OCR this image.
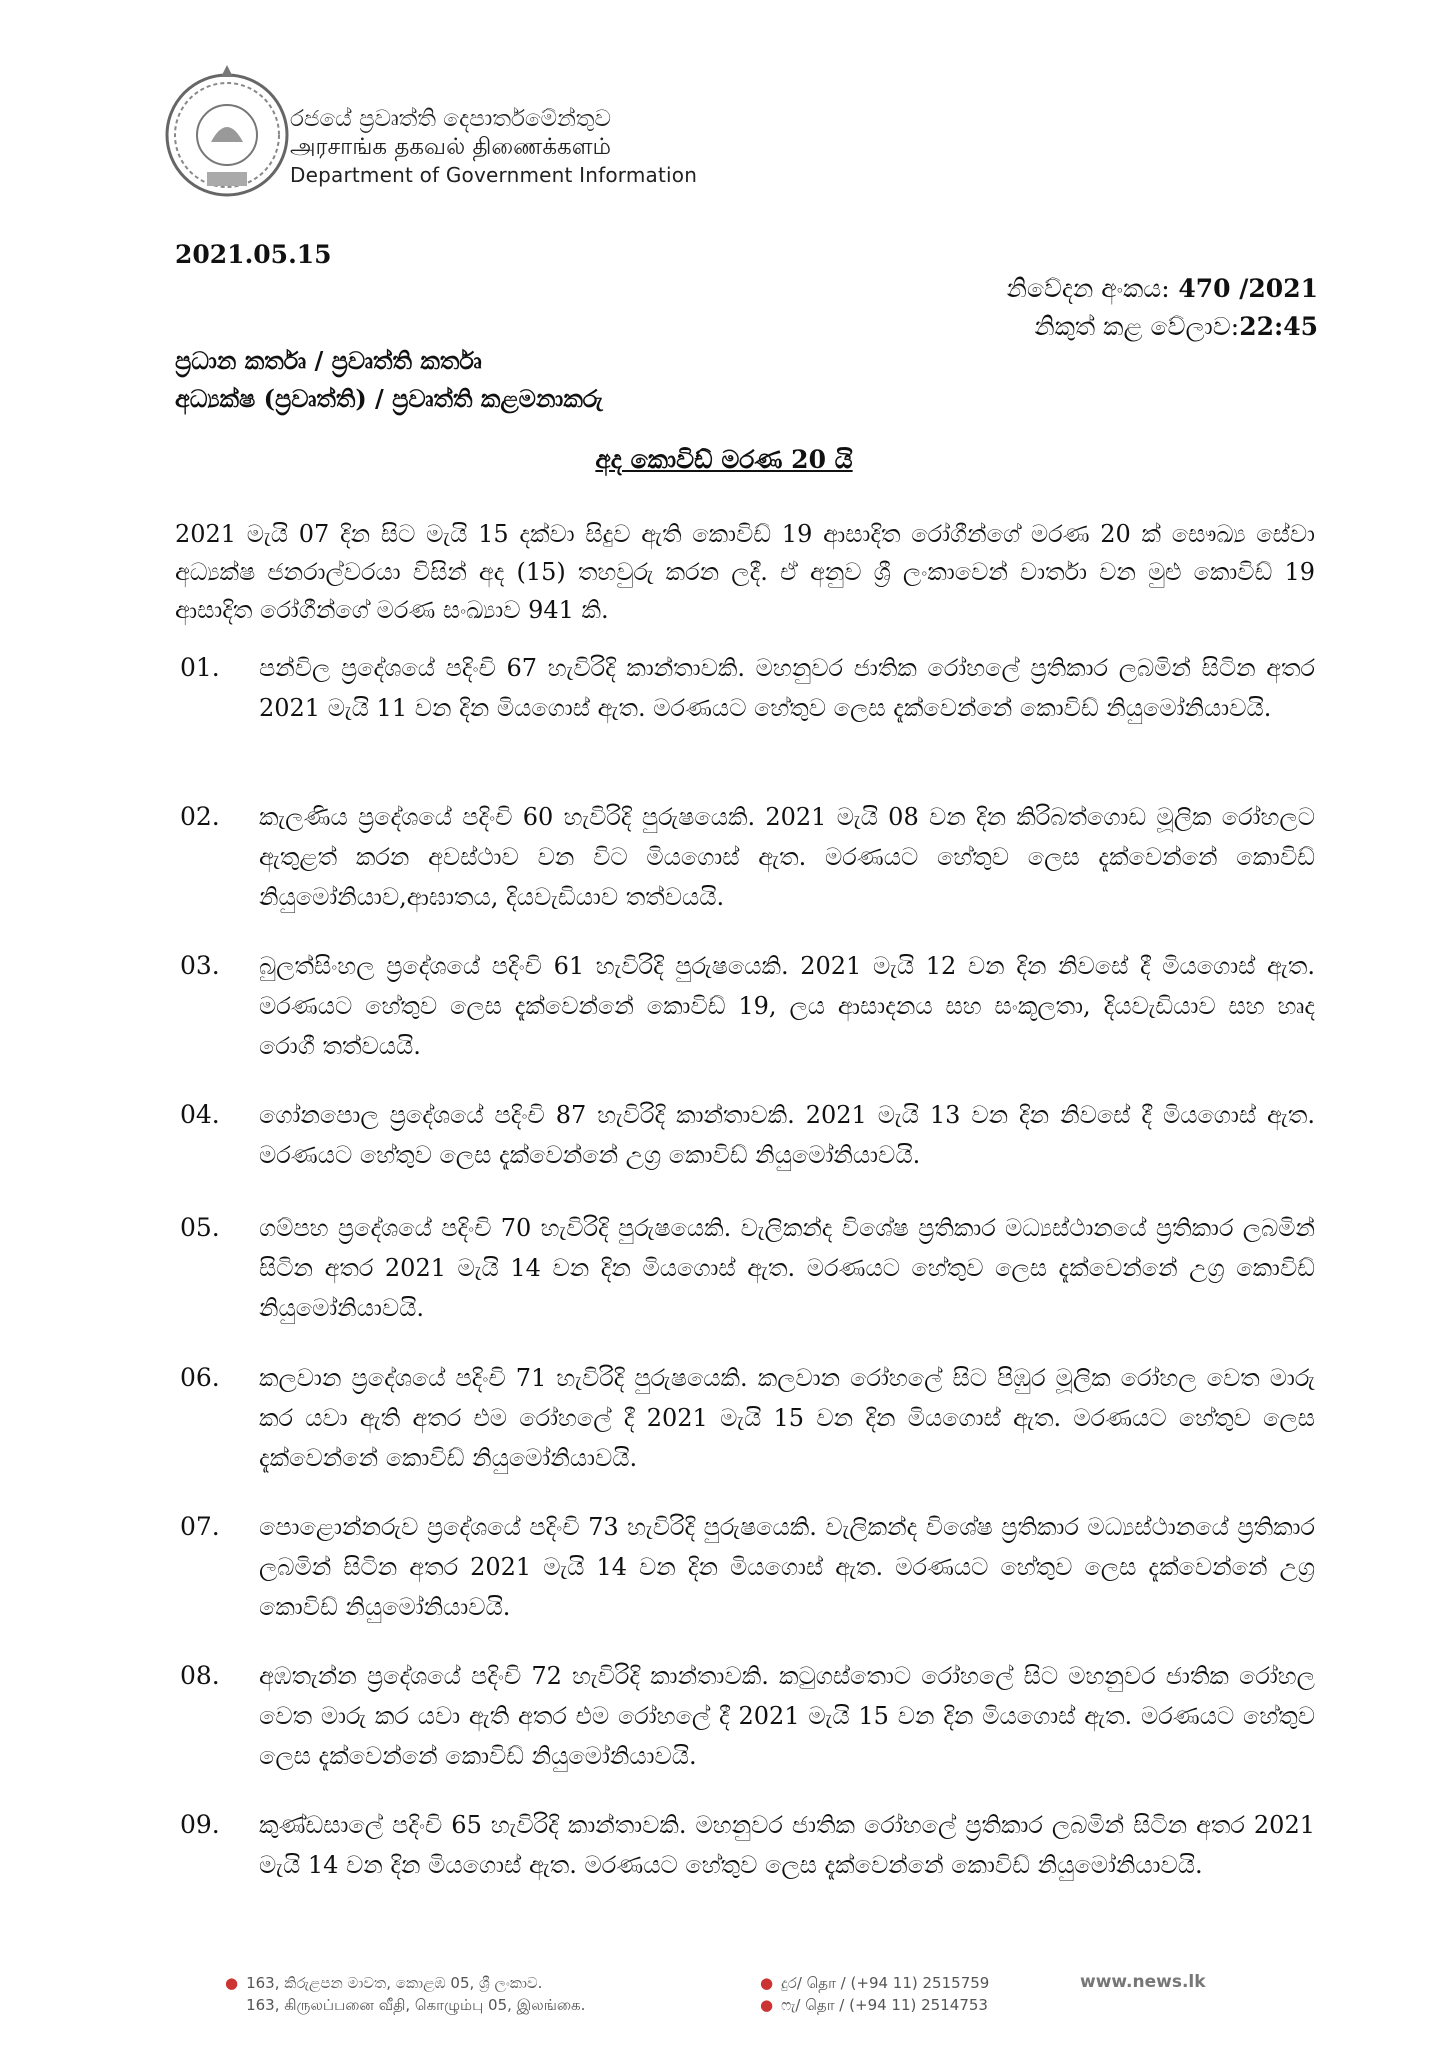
රජයේ ප්‍රවෘත්ති දෙපාර්තමේන්තුව
அரசாங்க தகவல் திணைக்களம்
Department of Government Information
2021.05.15
නිවේදන අංකය: 470 /2021
නිකුත් කළ වේලාව:22:45
ප්‍රධාන කර්තෘ / ප්‍රවෘත්ති කර්තෘ
අධ්‍යක්ෂ (ප්‍රවෘත්ති) / ප්‍රවෘත්ති කළමනාකරු
අද කොවිඩ් මරණ 20 යි
2021 මැයි 07 දින සිට මැයි 15 දක්වා සිදුව ඇති කොවිඩ් 19 ආසාදිත රෝගීන්ගේ මරණ 20 ක් සෞඛ්‍ය සේවා අධ්‍යක්ෂ ජනරාල්වරයා විසින් අද (15) තහවුරු කරන ලදී. ඒ අනුව ශ්‍රී ලංකාවෙන් වාර්තා වන මුළු කොවිඩ් 19 ආසාදිත රෝගීන්ගේ මරණ සංඛ්‍යාව 941 කි.
01. පන්විල ප්‍රදේශයේ පදිංචි 67 හැවිරිදි කාන්තාවකි. මහනුවර ජාතික රෝහලේ ප්‍රතිකාර ලබමින් සිටින අතර 2021 මැයි 11 වන දින මියගොස් ඇත. මරණයට හේතුව ලෙස දැක්වෙන්නේ කොවිඩ් නියුමෝනියාවයි.
02. කැලණිය ප්‍රදේශයේ පදිංචි 60 හැවිරිදි පුරුෂයෙකි. 2021 මැයි 08 වන දින කිරිබත්ගොඩ මූලික රෝහලට ඇතුළත් කරන අවස්ථාව වන විට මියගොස් ඇත. මරණයට හේතුව ලෙස දැක්වෙන්නේ කොවිඩ් නියුමෝනියාව,ආඝාතය, දියවැඩියාව තත්වයයි.
03. බුලත්සිංහල ප්‍රදේශයේ පදිංචි 61 හැවිරිදි පුරුෂයෙකි. 2021 මැයි 12 වන දින නිවසේ දී මියගොස් ඇත. මරණයට හේතුව ලෙස දැක්වෙන්නේ කොවිඩ් 19, ලය ආසාදනය සහ සංකූලතා, දියවැඩියාව සහ හෘද රොගී තත්වයයි.
04. ගෝනපොල ප්‍රදේශයේ පදිංචි 87 හැවිරිදි කාන්තාවකි. 2021 මැයි 13 වන දින නිවසේ දී මියගොස් ඇත. මරණයට හේතුව ලෙස දැක්වෙන්නේ උග්‍ර කොවිඩ් නියුමෝනියාවයි.
05. ගම්පහ ප්‍රදේශයේ පදිංචි 70 හැවිරිදි පුරුෂයෙකි. වැලිකන්ද විශේෂ ප්‍රතිකාර මධ්‍යස්ථානයේ ප්‍රතිකාර ලබමින් සිටින අතර 2021 මැයි 14 වන දින මියගොස් ඇත. මරණයට හේතුව ලෙස දැක්වෙන්නේ උග්‍ර කොවිඩ් නියුමෝනියාවයි.
06. කලවාන ප්‍රදේශයේ පදිංචි 71 හැවිරිදි පුරුෂයෙකි. කලවාන රෝහලේ සිට පිඹුර මූලික රෝහල වෙත මාරු කර යවා ඇති අතර එම රෝහලේ දී 2021 මැයි 15 වන දින මියගොස් ඇත. මරණයට හේතුව ලෙස දැක්වෙන්නේ කොවිඩ් නියුමෝනියාවයි.
07. පොළොන්නරුව ප්‍රදේශයේ පදිංචි 73 හැවිරිදි පුරුෂයෙකි. වැලිකන්ද විශේෂ ප්‍රතිකාර මධ්‍යස්ථානයේ ප්‍රතිකාර ලබමින් සිටින අතර 2021 මැයි 14 වන දින මියගොස් ඇත. මරණයට හේතුව ලෙස දැක්වෙන්නේ උග්‍ර කොවිඩ් නියුමෝනියාවයි.
08. අඹතැන්න ප්‍රදේශයේ පදිංචි 72 හැවිරිදි කාන්තාවකි. කටුගස්තොට රෝහලේ සිට මහනුවර ජාතික රෝහල වෙත මාරු කර යවා ඇති අතර එම රෝහලේ දී 2021 මැයි 15 වන දින මියගොස් ඇත. මරණයට හේතුව ලෙස දැක්වෙන්නේ කොවිඩ් නියුමෝනියාවයි.
09. කුණ්ඩසාලේ පදිංචි 65 හැවිරිදි කාන්තාවකි. මහනුවර ජාතික රෝහලේ ප්‍රතිකාර ලබමින් සිටින අතර 2021 මැයි 14 වන දින මියගොස් ඇත. මරණයට හේතුව ලෙස දැක්වෙන්නේ කොවිඩ් නියුමෝනියාවයි.
● 163, කිරුළපන මාවත, කොළඹ 05, ශ්‍රී ලංකාව.
163, கிருலப்பனை வீதி, கொழும்பு 05, இலங்கை.
● දුර/ தொ / (+94 11) 2515759
● ෆැ/ தொ / (+94 11) 2514753
www.news.lk
